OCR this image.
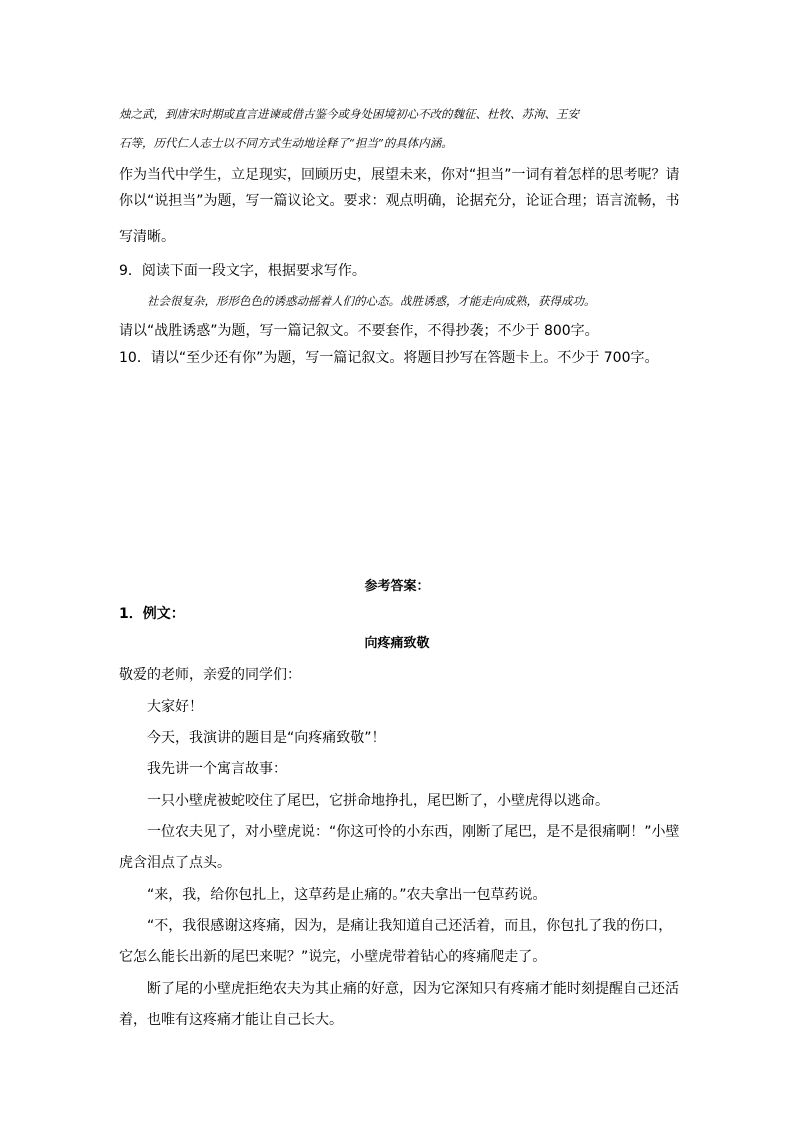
烛之武，到唐宋时期或直言进谏或借古鉴今或身处困境初心不改的魏征、杜牧、苏洵、王安
石等，历代仁人志士以不同方式生动地诠释了“担当”的具体内涵。
作为当代中学生，立足现实，回顾历史，展望未来，你对“担当”一词有着怎样的思考呢？请
你以“说担当”为题，写一篇议论文。要求：观点明确，论据充分，论证合理；语言流畅，书
写清晰。
9．阅读下面一段文字，根据要求写作。
社会很复杂，形形色色的诱惑动摇着人们的心态。战胜诱惑，才能走向成熟，获得成功。
请以“战胜诱惑”为题，写一篇记叙文。不要套作，不得抄袭；不少于 800字。
10．请以“至少还有你”为题，写一篇记叙文。将题目抄写在答题卡上。不少于 700字。
参考答案：
1．例文：
向疼痛致敬
敬爱的老师，亲爱的同学们：
大家好！
今天，我演讲的题目是“向疼痛致敬”！
我先讲一个寓言故事：
一只小壁虎被蛇咬住了尾巴，它拼命地挣扎，尾巴断了，小壁虎得以逃命。
一位农夫见了，对小壁虎说：“你这可怜的小东西，刚断了尾巴，是不是很痛啊！”小壁
虎含泪点了点头。
“来，我，给你包扎上，这草药是止痛的。”农夫拿出一包草药说。
“不，我很感谢这疼痛，因为，是痛让我知道自己还活着，而且，你包扎了我的伤口，
它怎么能长出新的尾巴来呢？”说完，小壁虎带着钻心的疼痛爬走了。
断了尾的小壁虎拒绝农夫为其止痛的好意，因为它深知只有疼痛才能时刻提醒自己还活
着，也唯有这疼痛才能让自己长大。
